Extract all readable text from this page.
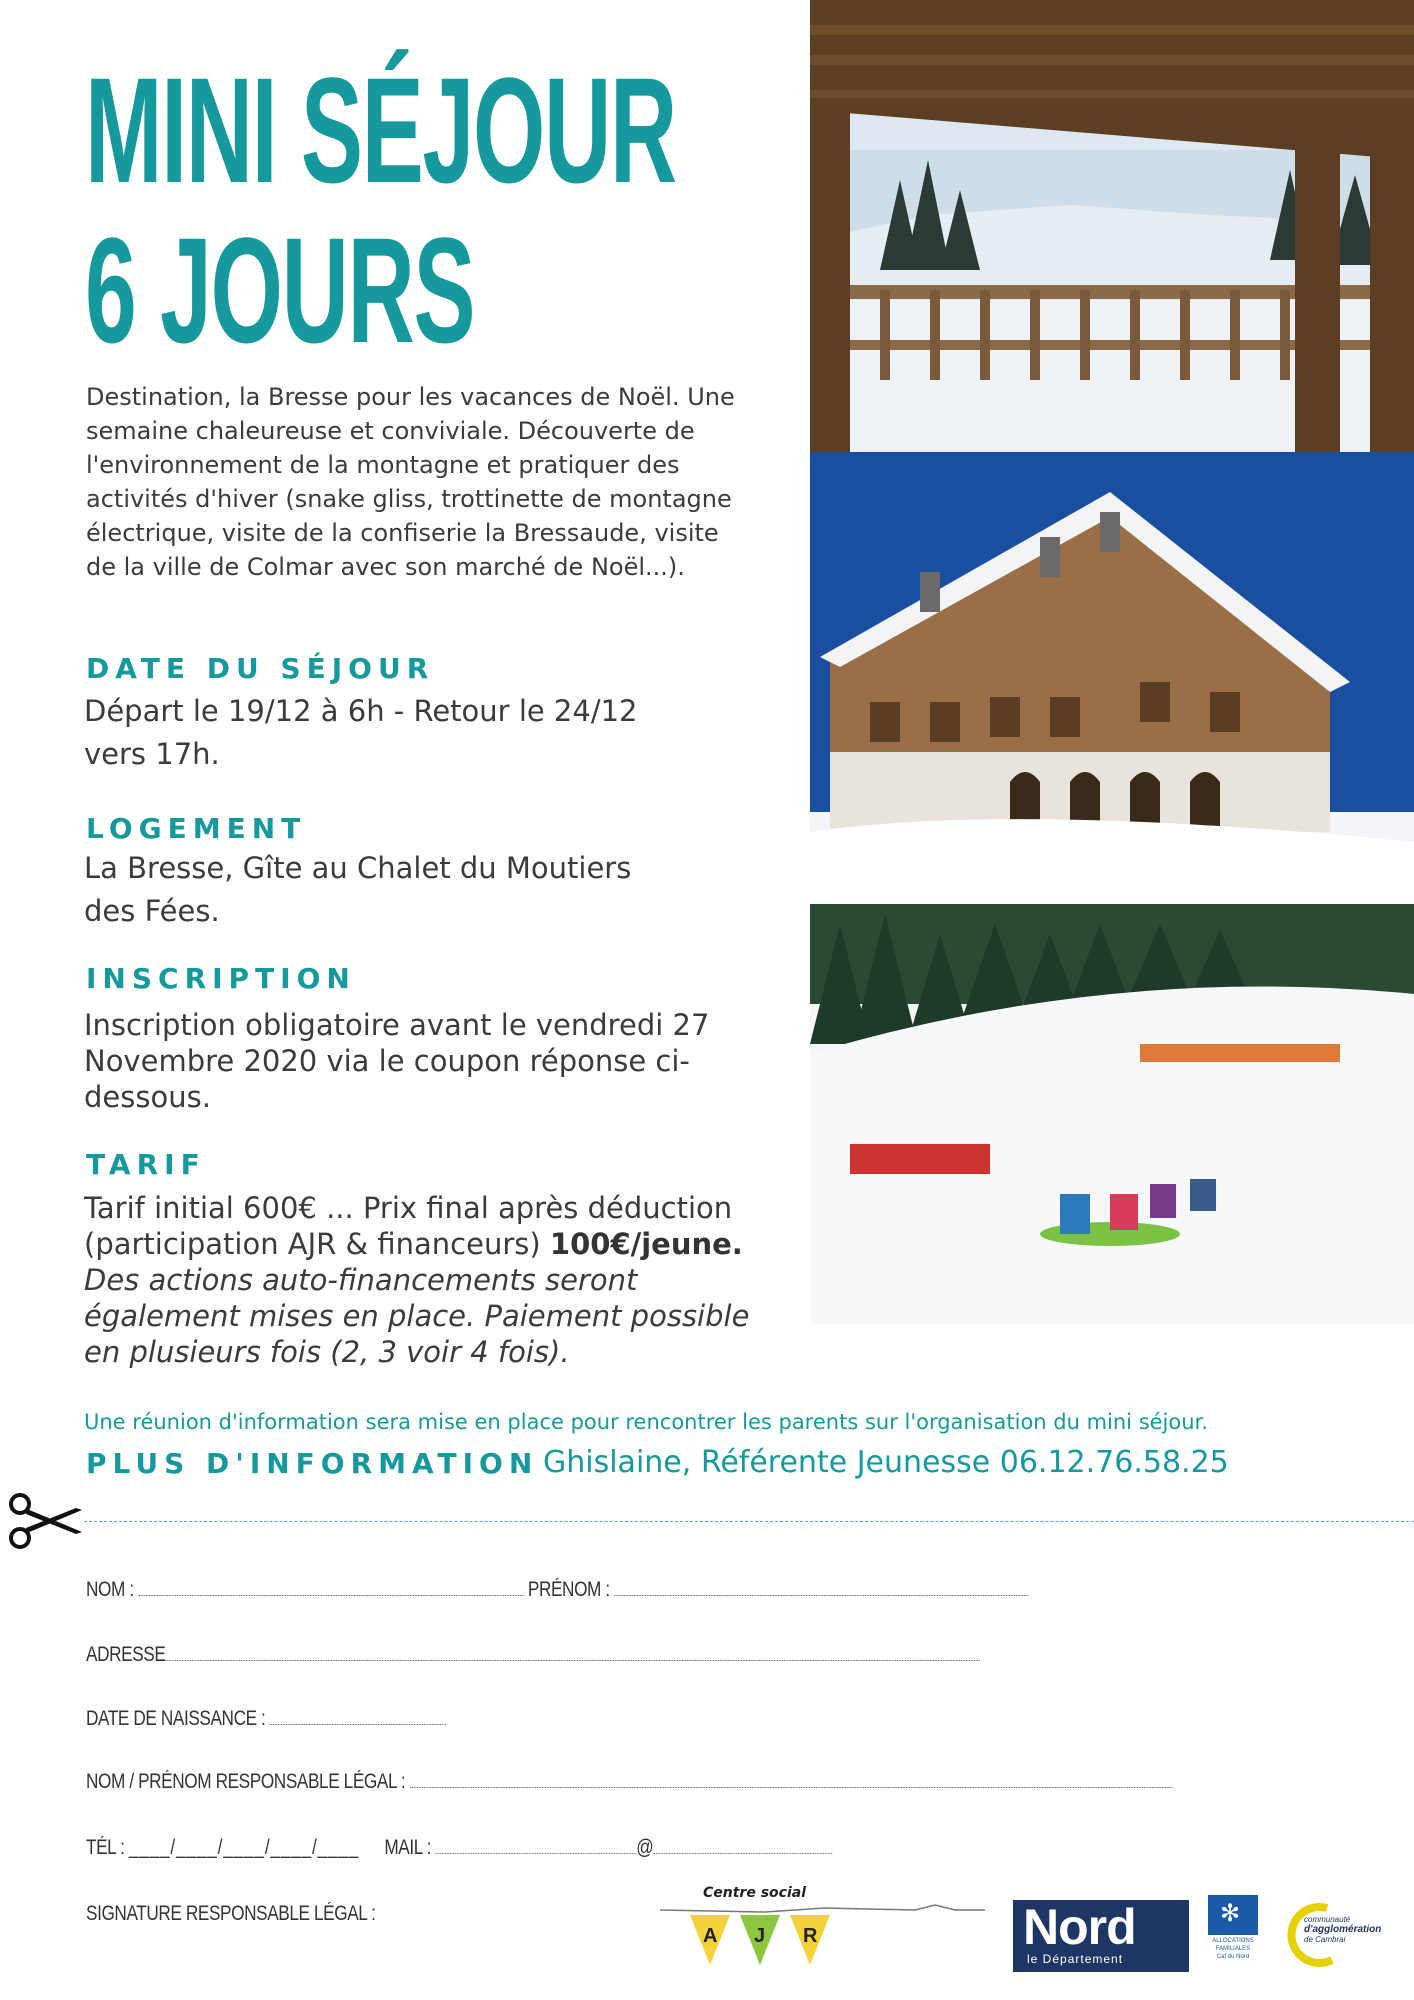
MINI SÉJOUR
6 JOURS

Destination, la Bresse pour les vacances de Noël. Une semaine chaleureuse et conviviale. Découverte de l'environnement de la montagne et pratiquer des activités d'hiver (snake gliss, trottinette de montagne électrique, visite de la confiserie la Bressaude, visite de la ville de Colmar avec son marché de Noël...).

DATE DU SÉJOUR

Départ le 19/12 à 6h - Retour le 24/12 vers 17h.

LOGEMENT

La Bresse, Gîte au Chalet du Moutiers des Fées.

INSCRIPTION

Inscription obligatoire avant le vendredi 27 Novembre 2020 via le coupon réponse ci-dessous.

TARIF

Tarif initial 600€ ... Prix final après déduction (participation AJR & financeurs) 100€/jeune. Des actions auto-financements seront également mises en place. Paiement possible en plusieurs fois (2, 3 voir 4 fois).

Une réunion d'information sera mise en place pour rencontrer les parents sur l'organisation du mini séjour.

PLUS D'INFORMATION Ghislaine, Référente Jeunesse 06.12.76.58.25
NOM :	PRÉNOM :
ADRESSE
DATE DE NAISSANCE :
NOM / PRÉNOM RESPONSABLE LÉGAL :
TÉL : ____/____/____/____/____ MAIL :	@
SIGNATURE RESPONSABLE LÉGAL :
Centre social
A J R	Nord
le Département
✻
ALLOCATIONS
FAMILIALES
Caf du Nord
communauté
d'agglomération
de Cambrai
